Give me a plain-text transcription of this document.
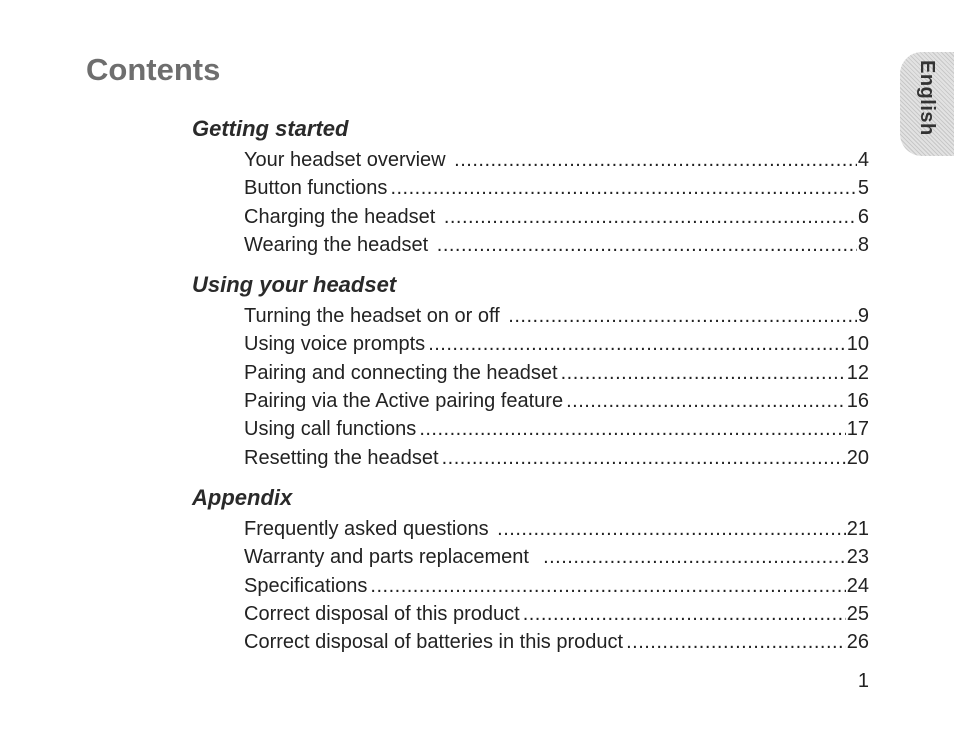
Contents	English
Getting started
Your headset overview .....	4
Button functions .....	5
Charging the headset .....	6
Wearing the headset .....	8
Using your headset
Turning the headset on or off .....	9
Using voice prompts .....	10
Pairing and connecting the headset .....	12
Pairing via the Active pairing feature .....	16
Using call functions .....	17
Resetting the headset .....	20
Appendix
Frequently asked questions .....	21
Warranty and parts replacement .....	23
Specifications .....	24
Correct disposal of this product .....	25
Correct disposal of batteries in this product .....	26
1
